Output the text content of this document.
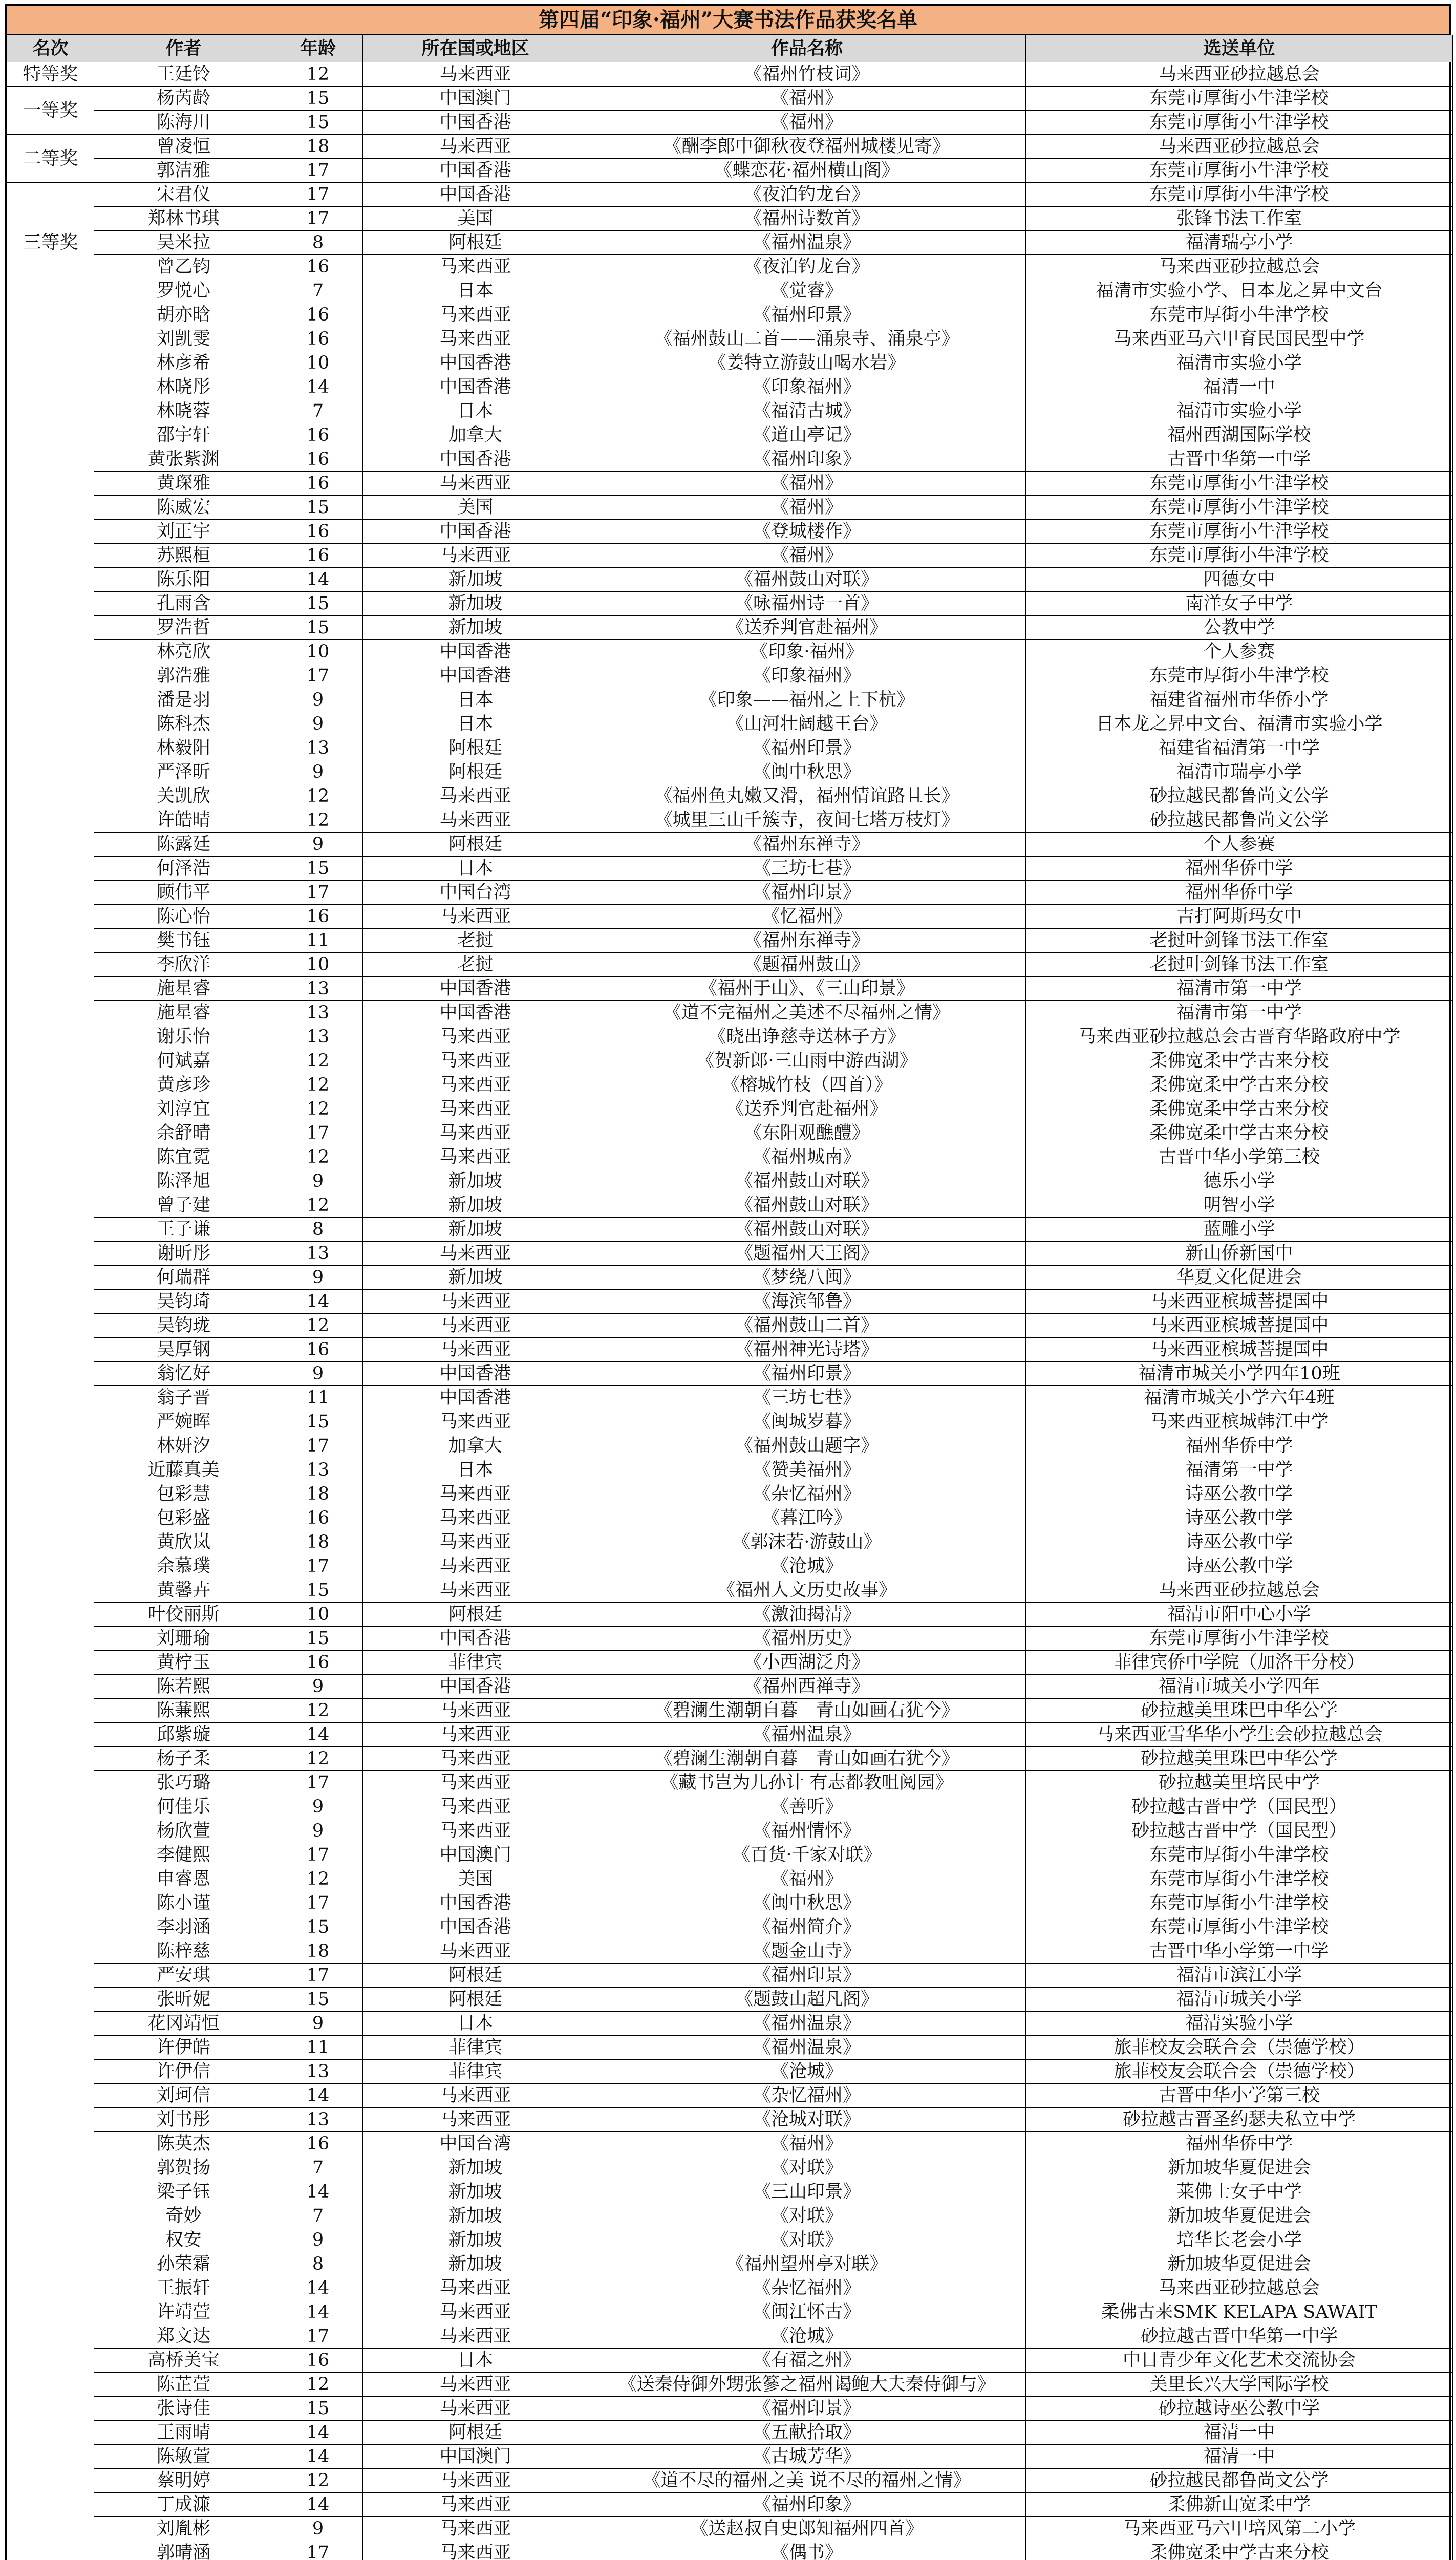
第四届“印象·福州”大赛书法作品获奖名单
名次	作者	年龄	所在国或地区	作品名称	选送单位
特等奖	王廷铃	12	马来西亚	《福州竹枝词》	马来西亚砂拉越总会
一等奖	杨芮龄	15	中国澳门	《福州》	东莞市厚街小牛津学校
	陈海川	15	中国香港	《福州》	东莞市厚街小牛津学校
二等奖	曾凌恒	18	马来西亚	《酬李郎中御秋夜登福州城楼见寄》	马来西亚砂拉越总会
	郭洁雅	17	中国香港	《蝶恋花·福州横山阁》	东莞市厚街小牛津学校
三等奖	宋君仪	17	中国香港	《夜泊钓龙台》	东莞市厚街小牛津学校
	郑林书琪	17	美国	《福州诗数首》	张锋书法工作室
	吴米拉	8	阿根廷	《福州温泉》	福清瑞亭小学
	曾乙钧	16	马来西亚	《夜泊钓龙台》	马来西亚砂拉越总会
	罗悦心	7	日本	《觉睿》	福清市实验小学、日本龙之昇中文台
	胡亦晗	16	马来西亚	《福州印景》	东莞市厚街小牛津学校
	刘凯雯	16	马来西亚	《福州鼓山二首——涌泉寺、涌泉亭》	马来西亚马六甲育民国民型中学
	林彦希	10	中国香港	《姜特立游鼓山喝水岩》	福清市实验小学
	林晓彤	14	中国香港	《印象福州》	福清一中
	林晓蓉	7	日本	《福清古城》	福清市实验小学
	邵宇轩	16	加拿大	《道山亭记》	福州西湖国际学校
	黄张紫渊	16	中国香港	《福州印象》	古晋中华第一中学
	黄琛雅	16	马来西亚	《福州》	东莞市厚街小牛津学校
	陈威宏	15	美国	《福州》	东莞市厚街小牛津学校
	刘正宇	16	中国香港	《登城楼作》	东莞市厚街小牛津学校
	苏熙桓	16	马来西亚	《福州》	东莞市厚街小牛津学校
	陈乐阳	14	新加坡	《福州鼓山对联》	四德女中
	孔雨含	15	新加坡	《咏福州诗一首》	南洋女子中学
	罗浩哲	15	新加坡	《送乔判官赴福州》	公教中学
	林亮欣	10	中国香港	《印象·福州》	个人参赛
	郭浩雅	17	中国香港	《印象福州》	东莞市厚街小牛津学校
	潘是羽	9	日本	《印象——福州之上下杭》	福建省福州市华侨小学
	陈科杰	9	日本	《山河壮阔越王台》	日本龙之昇中文台、福清市实验小学
	林毅阳	13	阿根廷	《福州印景》	福建省福清第一中学
	严泽昕	9	阿根廷	《闽中秋思》	福清市瑞亭小学
	关凯欣	12	马来西亚	《福州鱼丸嫩又滑，福州情谊路且长》	砂拉越民都鲁尚文公学
	许皓晴	12	马来西亚	《城里三山千簇寺，夜间七塔万枝灯》	砂拉越民都鲁尚文公学
	陈露廷	9	阿根廷	《福州东禅寺》	个人参赛
	何泽浩	15	日本	《三坊七巷》	福州华侨中学
	顾伟平	17	中国台湾	《福州印景》	福州华侨中学
	陈心怡	16	马来西亚	《忆福州》	吉打阿斯玛女中
	樊书钰	11	老挝	《福州东禅寺》	老挝叶剑锋书法工作室
	李欣洋	10	老挝	《题福州鼓山》	老挝叶剑锋书法工作室
	施星睿	13	中国香港	《福州于山》、《三山印景》	福清市第一中学
	施星睿	13	中国香港	《道不完福州之美述不尽福州之情》	福清市第一中学
	谢乐怡	13	马来西亚	《晓出诤慈寺送林子方》	马来西亚砂拉越总会古晋育华路政府中学
	何斌嘉	12	马来西亚	《贺新郎·三山雨中游西湖》	柔佛宽柔中学古来分校
	黄彦珍	12	马来西亚	《榕城竹枝（四首）》	柔佛宽柔中学古来分校
	刘淳宜	12	马来西亚	《送乔判官赴福州》	柔佛宽柔中学古来分校
	余舒晴	17	马来西亚	《东阳观醮醴》	柔佛宽柔中学古来分校
	陈宜霓	12	马来西亚	《福州城南》	古晋中华小学第三校
	陈泽旭	9	新加坡	《福州鼓山对联》	德乐小学
	曾子建	12	新加坡	《福州鼓山对联》	明智小学
	王子谦	8	新加坡	《福州鼓山对联》	蓝雕小学
	谢昕彤	13	马来西亚	《题福州天王阁》	新山侨新国中
	何瑞群	9	新加坡	《梦绕八闽》	华夏文化促进会
	吴钧琦	14	马来西亚	《海滨邹鲁》	马来西亚槟城菩提国中
	吴钧珑	12	马来西亚	《福州鼓山二首》	马来西亚槟城菩提国中
	吴厚钢	16	马来西亚	《福州神光诗塔》	马来西亚槟城菩提国中
	翁忆好	9	中国香港	《福州印景》	福清市城关小学四年10班
	翁子晋	11	中国香港	《三坊七巷》	福清市城关小学六年4班
	严婉晖	15	马来西亚	《闽城岁暮》	马来西亚槟城韩江中学
	林妍汐	17	加拿大	《福州鼓山题字》	福州华侨中学
	近藤真美	13	日本	《赞美福州》	福清第一中学
	包彩慧	18	马来西亚	《杂忆福州》	诗巫公教中学
	包彩盛	16	马来西亚	《暮江吟》	诗巫公教中学
	黄欣岚	18	马来西亚	《郭沫若·游鼓山》	诗巫公教中学
	余慕璞	17	马来西亚	《沧城》	诗巫公教中学
	黄馨卉	15	马来西亚	《福州人文历史故事》	马来西亚砂拉越总会
	叶佼丽斯	10	阿根廷	《激油揭清》	福清市阳中心小学
	刘珊瑜	15	中国香港	《福州历史》	东莞市厚街小牛津学校
	黄柠玉	16	菲律宾	《小西湖泛舟》	菲律宾侨中学院（加洛干分校）
	陈若熙	9	中国香港	《福州西禅寺》	福清市城关小学四年
	陈蒹熙	12	马来西亚	《碧澜生潮朝自暮　青山如画右犹今》	砂拉越美里珠巴中华公学
	邱紫璇	14	马来西亚	《福州温泉》	马来西亚雪华华小学生会砂拉越总会
	杨子柔	12	马来西亚	《碧澜生潮朝自暮　青山如画右犹今》	砂拉越美里珠巴中华公学
	张巧璐	17	马来西亚	《藏书岂为儿孙计 有志都教咀阅园》	砂拉越美里培民中学
	何佳乐	9	马来西亚	《善听》	砂拉越古晋中学（国民型）
	杨欣萱	9	马来西亚	《福州情怀》	砂拉越古晋中学（国民型）
	李健熙	17	中国澳门	《百货·千家对联》	东莞市厚街小牛津学校
	申睿恩	12	美国	《福州》	东莞市厚街小牛津学校
	陈小谨	17	中国香港	《闽中秋思》	东莞市厚街小牛津学校
	李羽涵	15	中国香港	《福州简介》	东莞市厚街小牛津学校
	陈梓慈	18	马来西亚	《题金山寺》	古晋中华小学第一中学
	严安琪	17	阿根廷	《福州印景》	福清市滨江小学
	张昕妮	15	阿根廷	《题鼓山超凡阁》	福清市城关小学
	花冈靖恒	9	日本	《福州温泉》	福清实验小学
	许伊皓	11	菲律宾	《福州温泉》	旅菲校友会联合会（崇德学校）
	许伊信	13	菲律宾	《沧城》	旅菲校友会联合会（崇德学校）
	刘珂信	14	马来西亚	《杂忆福州》	古晋中华小学第三校
	刘书彤	13	马来西亚	《沧城对联》	砂拉越古晋圣约瑟夫私立中学
	陈英杰	16	中国台湾	《福州》	福州华侨中学
	郭贺扬	7	新加坡	《对联》	新加坡华夏促进会
	梁子钰	14	新加坡	《三山印景》	莱佛士女子中学
	奇妙	7	新加坡	《对联》	新加坡华夏促进会
	权安	9	新加坡	《对联》	培华长老会小学
	孙荣霜	8	新加坡	《福州望州亭对联》	新加坡华夏促进会
	王振轩	14	马来西亚	《杂忆福州》	马来西亚砂拉越总会
	许靖萱	14	马来西亚	《闽江怀古》	柔佛古来SMK KELAPA SAWAIT
	郑文达	17	马来西亚	《沧城》	砂拉越古晋中华第一中学
	高桥美宝	16	日本	《有福之州》	中日青少年文化艺术交流协会
	陈芷萱	12	马来西亚	《送秦侍御外甥张篸之福州谒鲍大夫秦侍御与》	美里长兴大学国际学校
	张诗佳	15	马来西亚	《福州印景》	砂拉越诗巫公教中学
	王雨晴	14	阿根廷	《五献拾取》	福清一中
	陈敏萱	14	中国澳门	《古城芳华》	福清一中
	蔡明婷	12	马来西亚	《道不尽的福州之美 说不尽的福州之情》	砂拉越民都鲁尚文公学
	丁成濂	14	马来西亚	《福州印象》	柔佛新山宽柔中学
	刘胤彬	9	马来西亚	《送赵叔自史郎知福州四首》	马来西亚马六甲培风第二小学
	郭晴涵	17	马来西亚	《偶书》	柔佛宽柔中学古来分校
